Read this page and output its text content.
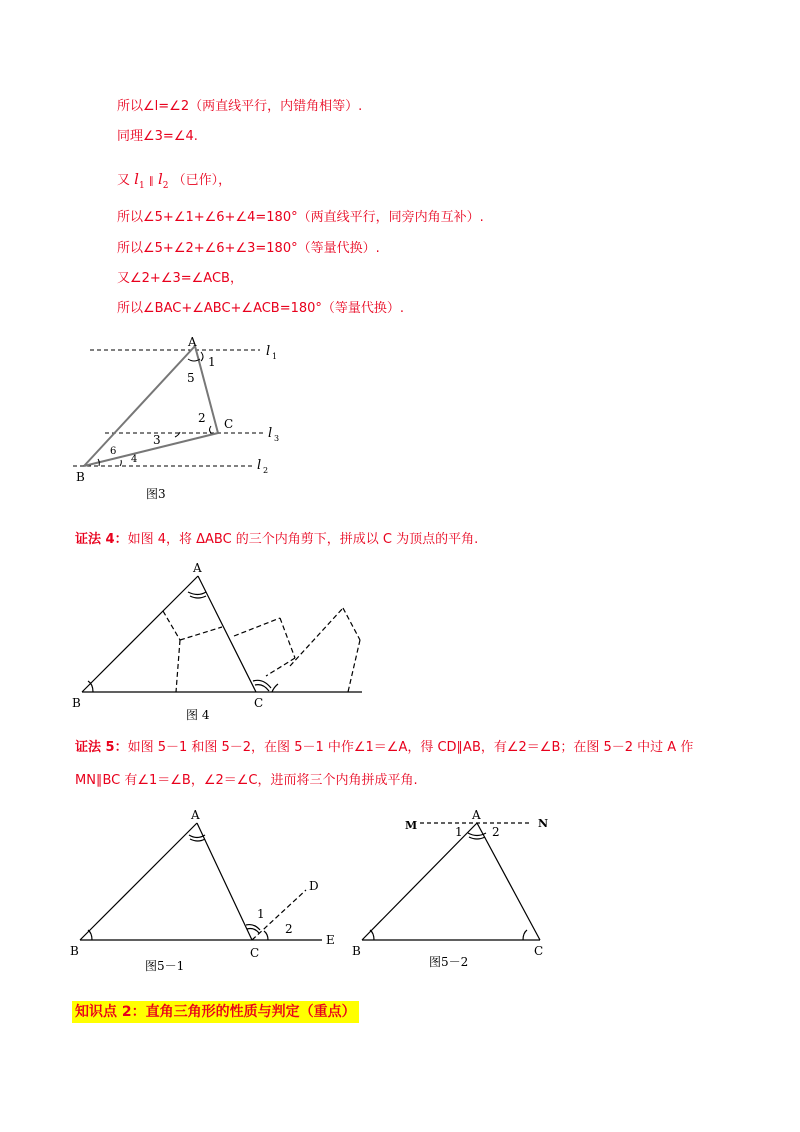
所以∠l=∠2（两直线平行，内错角相等）.
同理∠3=∠4.
又 $l_1$ ∥ $l_2$ （已作），
所以∠5+∠1+∠6+∠4=180°（两直线平行，同旁内角互补）.
所以∠5+∠2+∠6+∠3=180°（等量代换）.
又∠2+∠3=∠ACB，
所以∠BAC+∠ABC+∠ACB=180°（等量代换）.
A
B
C
1
2
3
4
5
6
l 1
l 3
l 2
图3
证法 4：如图 4，将 ΔABC 的三个内角剪下，拼成以 C 为顶点的平角.
A
B	C
图 4
证法 5：如图 5－1 和图 5－2，在图 5－1 中作∠1＝∠A，得 CD∥AB，有∠2＝∠B；在图 5－2 中过 A 作
MN∥BC 有∠1＝∠B，∠2＝∠C，进而将三个内角拼成平角.
A
B	C
D
E
1
2
图5－1
A
B	C
M	N
1 2
图5－2
知识点 2：直角三角形的性质与判定（重点）
